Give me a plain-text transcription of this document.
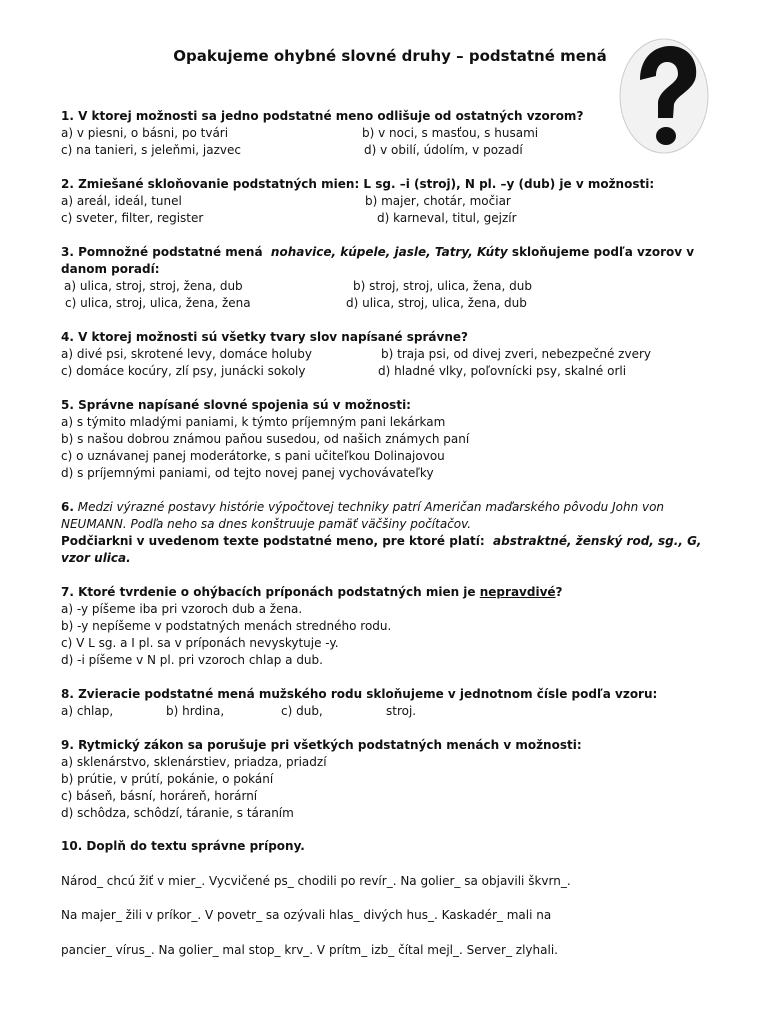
Opakujeme ohybné slovné druhy – podstatné mená
1. V ktorej možnosti sa jedno podstatné meno odlišuje od ostatných vzorom?
a) v piesni, o básni, po tvári	b) v noci, s masťou, s husami
c) na tanieri, s jeleňmi, jazvec	d) v obilí, údolím, v pozadí
2. Zmiešané skloňovanie podstatných mien: L sg. –i (stroj), N pl. –y (dub) je v možnosti:
a) areál, ideál, tunel	b) majer, chotár, močiar
c) sveter, filter, register	d) karneval, titul, gejzír
3. Pomnožné podstatné mená nohavice, kúpele, jasle, Tatry, Kúty skloňujeme podľa vzorov v danom poradí:
a) ulica, stroj, stroj, žena, dub	b) stroj, stroj, ulica, žena, dub
c) ulica, stroj, ulica, žena, žena	d) ulica, stroj, ulica, žena, dub
4. V ktorej možnosti sú všetky tvary slov napísané správne?
a) divé psi, skrotené levy, domáce holuby	b) traja psi, od divej zveri, nebezpečné zvery
c) domáce kocúry, zlí psy, junácki sokoly	d) hladné vlky, poľovnícki psy, skalné orli
5. Správne napísané slovné spojenia sú v možnosti:
a) s týmito mladými paniami, k týmto príjemným pani lekárkam
b) s našou dobrou známou paňou susedou, od našich známych paní
c) o uznávanej panej moderátorke, s pani učiteľkou Dolinajovou
d) s príjemnými paniami, od tejto novej panej vychovávateľky
6. Medzi výrazné postavy histórie výpočtovej techniky patrí Američan maďarského pôvodu John von NEUMANN. Podľa neho sa dnes konštruuje pamäť väčšiny počítačov.
Podčiarkni v uvedenom texte podstatné meno, pre ktoré platí: abstraktné, ženský rod, sg., G, vzor ulica.
7. Ktoré tvrdenie o ohýbacích príponách podstatných mien je nepravdivé?
a) -y píšeme iba pri vzoroch dub a žena.
b) -y nepíšeme v podstatných menách stredného rodu.
c) V L sg. a I pl. sa v príponách nevyskytuje -y.
d) -i píšeme v N pl. pri vzoroch chlap a dub.
8. Zvieracie podstatné mená mužského rodu skloňujeme v jednotnom čísle podľa vzoru:
a) chlap,	b) hrdina,	c) dub,	stroj.
9. Rytmický zákon sa porušuje pri všetkých podstatných menách v možnosti:
a) sklenárstvo, sklenárstiev, priadza, priadzí
b) prútie, v prútí, pokánie, o pokání
c) báseň, básní, horáreň, horární
d) schôdza, schôdzí, táranie, s táraním
10. Doplň do textu správne prípony.
Národ_ chcú žiť v mier_. Vycvičené ps_ chodili po revír_. Na golier_ sa objavili škvrn_.
Na majer_ žili v príkor_. V povetr_ sa ozývali hlas_ divých hus_. Kaskadér_ mali na
pancier_ vírus_. Na golier_ mal stop_ krv_. V prítm_ izb_ čítal mejl_. Server_ zlyhali.
